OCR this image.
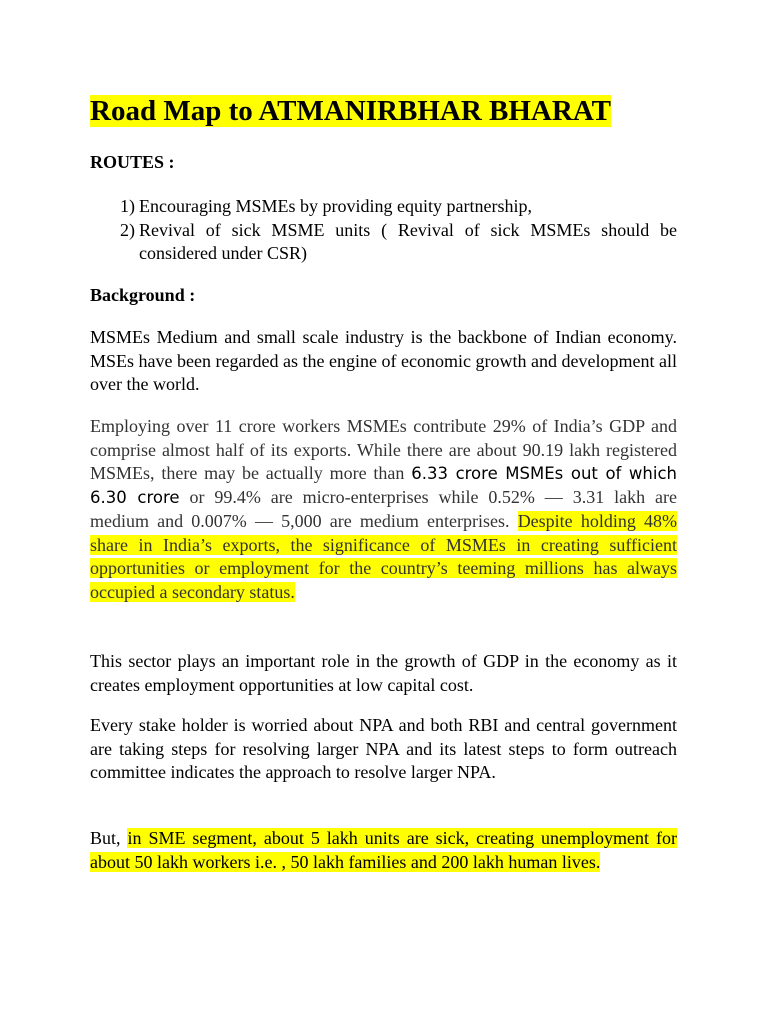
Road Map to ATMANIRBHAR BHARAT
ROUTES :
1) Encouraging MSMEs by providing equity partnership,
2) Revival of sick MSME units ( Revival of sick MSMEs should be considered under CSR)
Background :
MSMEs Medium and small scale industry is the backbone of Indian economy. MSEs have been regarded as the engine of economic growth and development all over the world.
Employing over 11 crore workers MSMEs contribute 29% of India’s GDP and comprise almost half of its exports. While there are about 90.19 lakh registered MSMEs, there may be actually more than 6.33 crore MSMEs out of which 6.30 crore or 99.4% are micro-enterprises while 0.52% — 3.31 lakh are medium and 0.007% — 5,000 are medium enterprises. Despite holding 48% share in India’s exports, the significance of MSMEs in creating sufficient opportunities or employment for the country’s teeming millions has always occupied a secondary status.
This sector plays an important role in the growth of GDP in the economy as it creates employment opportunities at low capital cost.
Every stake holder is worried about NPA and both RBI and central government are taking steps for resolving larger NPA and its latest steps to form outreach committee indicates the approach to resolve larger NPA.
But, in SME segment, about 5 lakh units are sick, creating unemployment for about 50 lakh workers i.e. , 50 lakh families and 200 lakh human lives.
